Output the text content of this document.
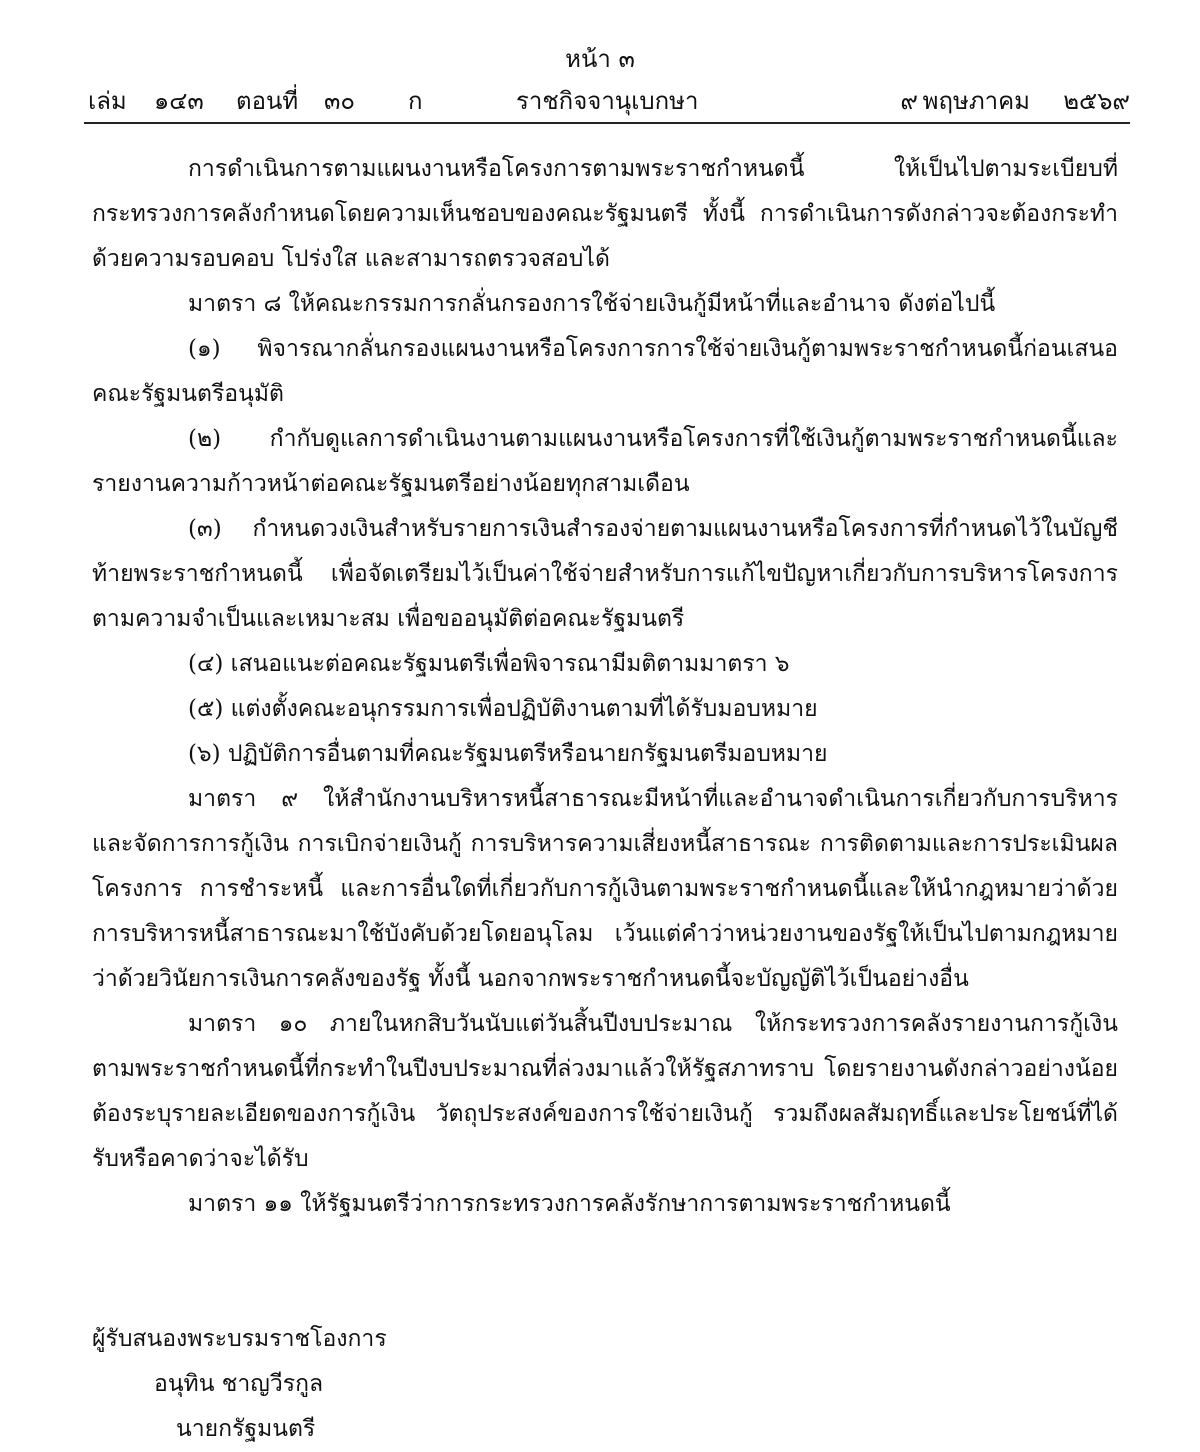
หน้า ๓
เล่ม ๑๔๓ ตอนที่ ๓๐ ก	ราชกิจจานุเบกษา	๙ พฤษภาคม ๒๕๖๙

การดำเนินการตามแผนงานหรือโครงการตามพระราชกำหนดนี้ ให้เป็นไปตามระเบียบที่กระทรวงการคลังกำหนดโดยความเห็นชอบของคณะรัฐมนตรี ทั้งนี้ การดำเนินการดังกล่าวจะต้องกระทำด้วยความรอบคอบ โปร่งใส และสามารถตรวจสอบได้

มาตรา ๘ ให้คณะกรรมการกลั่นกรองการใช้จ่ายเงินกู้มีหน้าที่และอำนาจ ดังต่อไปนี้

(๑) พิจารณากลั่นกรองแผนงานหรือโครงการการใช้จ่ายเงินกู้ตามพระราชกำหนดนี้ก่อนเสนอคณะรัฐมนตรีอนุมัติ

(๒) กำกับดูแลการดำเนินงานตามแผนงานหรือโครงการที่ใช้เงินกู้ตามพระราชกำหนดนี้และรายงานความก้าวหน้าต่อคณะรัฐมนตรีอย่างน้อยทุกสามเดือน

(๓) กำหนดวงเงินสำหรับรายการเงินสำรองจ่ายตามแผนงานหรือโครงการที่กำหนดไว้ในบัญชีท้ายพระราชกำหนดนี้ เพื่อจัดเตรียมไว้เป็นค่าใช้จ่ายสำหรับการแก้ไขปัญหาเกี่ยวกับการบริหารโครงการตามความจำเป็นและเหมาะสม เพื่อขออนุมัติต่อคณะรัฐมนตรี

(๔) เสนอแนะต่อคณะรัฐมนตรีเพื่อพิจารณามีมติตามมาตรา ๖

(๕) แต่งตั้งคณะอนุกรรมการเพื่อปฏิบัติงานตามที่ได้รับมอบหมาย

(๖) ปฏิบัติการอื่นตามที่คณะรัฐมนตรีหรือนายกรัฐมนตรีมอบหมาย

มาตรา ๙ ให้สำนักงานบริหารหนี้สาธารณะมีหน้าที่และอำนาจดำเนินการเกี่ยวกับการบริหารและจัดการการกู้เงิน การเบิกจ่ายเงินกู้ การบริหารความเสี่ยงหนี้สาธารณะ การติดตามและการประเมินผลโครงการ การชำระหนี้ และการอื่นใดที่เกี่ยวกับการกู้เงินตามพระราชกำหนดนี้และให้นำกฎหมายว่าด้วยการบริหารหนี้สาธารณะมาใช้บังคับด้วยโดยอนุโลม เว้นแต่คำว่าหน่วยงานของรัฐให้เป็นไปตามกฎหมายว่าด้วยวินัยการเงินการคลังของรัฐ ทั้งนี้ นอกจากพระราชกำหนดนี้จะบัญญัติไว้เป็นอย่างอื่น

มาตรา ๑๐ ภายในหกสิบวันนับแต่วันสิ้นปีงบประมาณ ให้กระทรวงการคลังรายงานการกู้เงินตามพระราชกำหนดนี้ที่กระทำในปีงบประมาณที่ล่วงมาแล้วให้รัฐสภาทราบ โดยรายงานดังกล่าวอย่างน้อยต้องระบุรายละเอียดของการกู้เงิน วัตถุประสงค์ของการใช้จ่ายเงินกู้ รวมถึงผลสัมฤทธิ์และประโยชน์ที่ได้รับหรือคาดว่าจะได้รับ

มาตรา ๑๑ ให้รัฐมนตรีว่าการกระทรวงการคลังรักษาการตามพระราชกำหนดนี้

ผู้รับสนองพระบรมราชโองการ
อนุทิน ชาญวีรกูล
นายกรัฐมนตรี
